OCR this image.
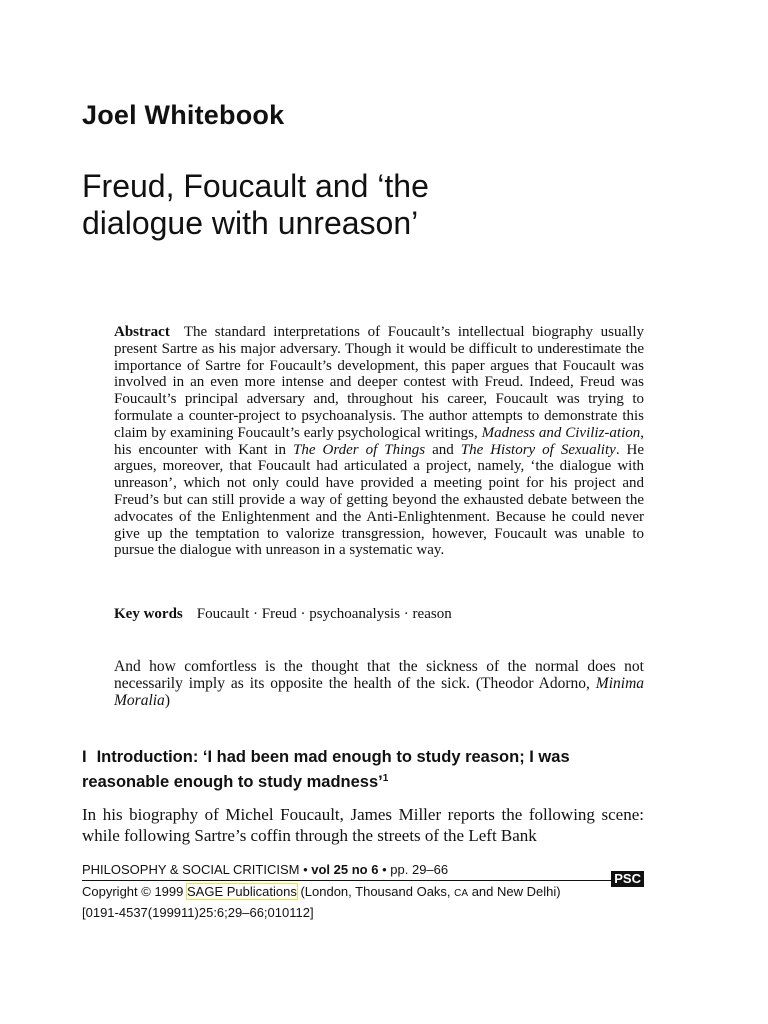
Joel Whitebook
Freud, Foucault and ‘the
dialogue with unreason’
Abstract The standard interpretations of Foucault’s intellectual biography usually present Sartre as his major adversary. Though it would be difficult to underestimate the importance of Sartre for Foucault’s development, this paper argues that Foucault was involved in an even more intense and deeper contest with Freud. Indeed, Freud was Foucault’s principal adversary and, throughout his career, Foucault was trying to formulate a counter-project to psychoanalysis. The author attempts to demonstrate this claim by examining Foucault’s early psychological writings, Madness and Civiliz-ation, his encounter with Kant in The Order of Things and The History of Sexuality. He argues, moreover, that Foucault had articulated a project, namely, ‘the dialogue with unreason’, which not only could have provided a meeting point for his project and Freud’s but can still provide a way of getting beyond the exhausted debate between the advocates of the Enlightenment and the Anti-Enlightenment. Because he could never give up the temptation to valorize transgression, however, Foucault was unable to pursue the dialogue with unreason in a systematic way.
Key words Foucault · Freud · psychoanalysis · reason
And how comfortless is the thought that the sickness of the normal does not necessarily imply as its opposite the health of the sick. (Theodor Adorno, Minima Moralia)
I Introduction: ‘I had been mad enough to study reason; I was reasonable enough to study madness’$^1$
In his biography of Michel Foucault, James Miller reports the following scene: while following Sartre’s coffin through the streets of the Left Bank
PHILOSOPHY & SOCIAL CRITICISM • vol 25 no 6 • pp. 29–66
PSC
Copyright © 1999 SAGE Publications (London, Thousand Oaks, CA and New Delhi)
[0191-4537(199911)25:6;29–66;010112]
